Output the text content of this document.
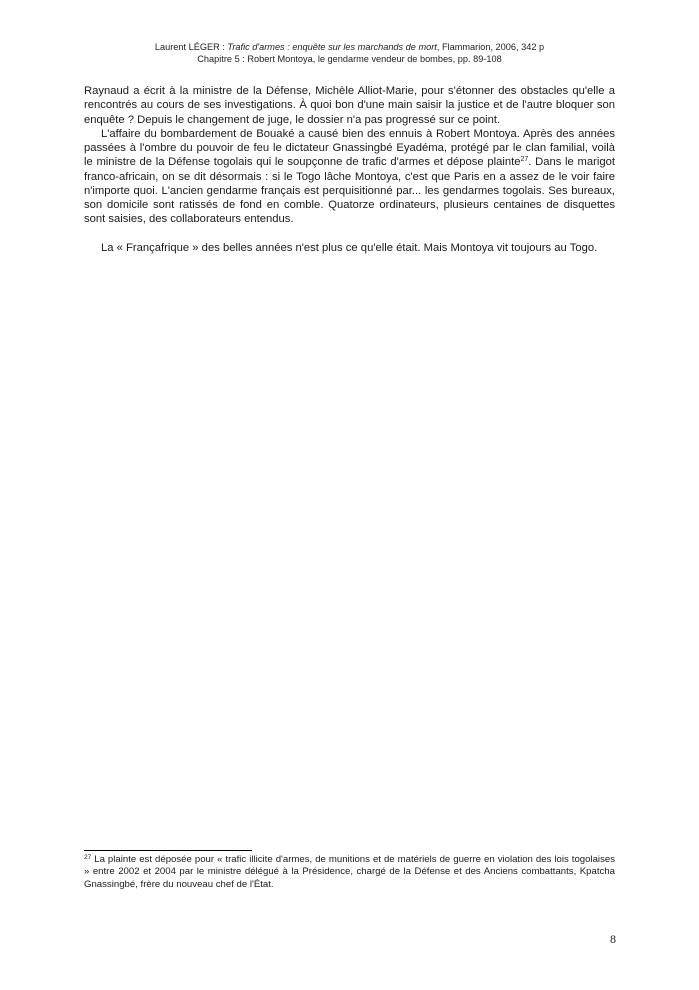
Laurent LÉGER : Trafic d'armes : enquête sur les marchands de mort, Flammarion, 2006, 342 p
Chapitre 5 : Robert Montoya, le gendarme vendeur de bombes, pp. 89-108

Raynaud a écrit à la ministre de la Défense, Michèle Alliot-Marie, pour s'étonner des obstacles qu'elle a rencontrés au cours de ses investigations. À quoi bon d'une main saisir la justice et de l'autre bloquer son enquête ? Depuis le changement de juge, le dossier n'a pas progressé sur ce point.

L'affaire du bombardement de Bouaké a causé bien des ennuis à Robert Montoya. Après des années passées à l'ombre du pouvoir de feu le dictateur Gnassingbé Eyadéma, protégé par le clan familial, voilà le ministre de la Défense togolais qui le soupçonne de trafic d'armes et dépose plainte$^{27}$. Dans le marigot franco-africain, on se dit désormais : si le Togo lâche Montoya, c'est que Paris en a assez de le voir faire n'importe quoi. L'ancien gendarme français est perquisitionné par... les gendarmes togolais. Ses bureaux, son domicile sont ratissés de fond en comble. Quatorze ordinateurs, plusieurs centaines de disquettes sont saisies, des collaborateurs entendus.

La « Françafrique » des belles années n'est plus ce qu'elle était. Mais Montoya vit toujours au Togo.

$^{27}$ La plainte est déposée pour « trafic illicite d'armes, de munitions et de matériels de guerre en violation des lois togolaises » entre 2002 et 2004 par le ministre délégué à la Présidence, chargé de la Défense et des Anciens combattants, Kpatcha Gnassingbé, frère du nouveau chef de l'État.
8
